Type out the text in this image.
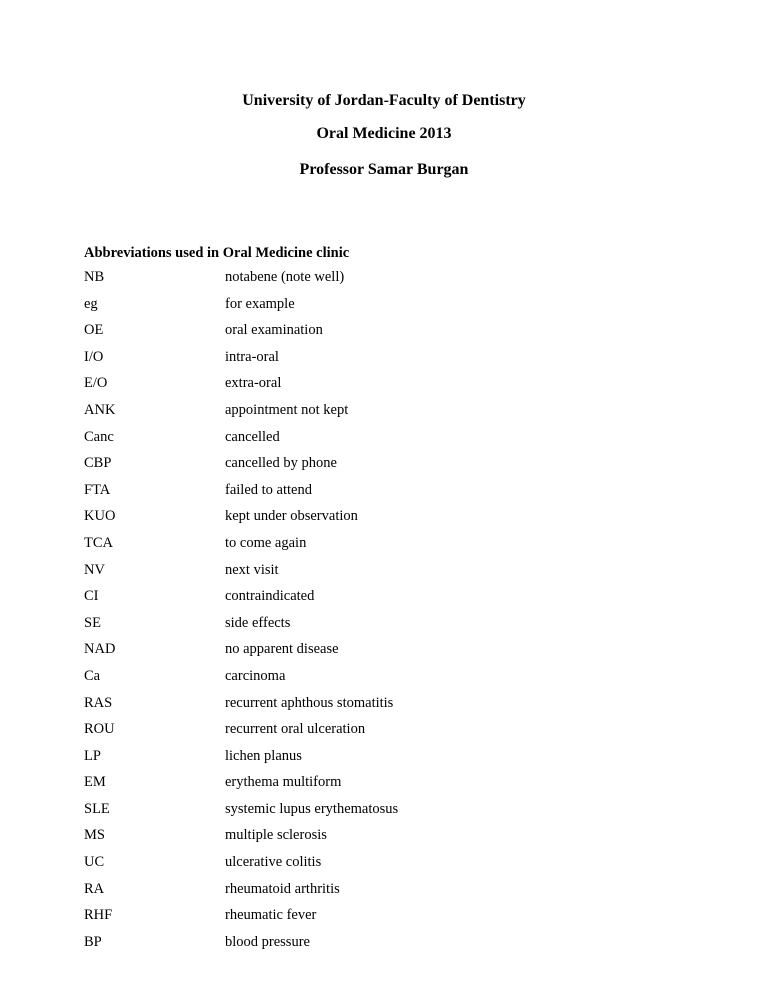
University of Jordan-Faculty of Dentistry
Oral Medicine 2013
Professor Samar Burgan
Abbreviations used in Oral Medicine clinic
NB	notabene (note well)
eg	for example
OE	oral examination
I/O	intra-oral
E/O	extra-oral
ANK	appointment not kept
Canc	cancelled
CBP	cancelled by phone
FTA	failed to attend
KUO	kept under observation
TCA	to come again
NV	next visit
CI	contraindicated
SE	side effects
NAD	no apparent disease
Ca	carcinoma
RAS	recurrent aphthous stomatitis
ROU	recurrent oral ulceration
LP	lichen planus
EM	erythema multiform
SLE	systemic lupus erythematosus
MS	multiple sclerosis
UC	ulcerative colitis
RA	rheumatoid arthritis
RHF	rheumatic fever
BP	blood pressure
